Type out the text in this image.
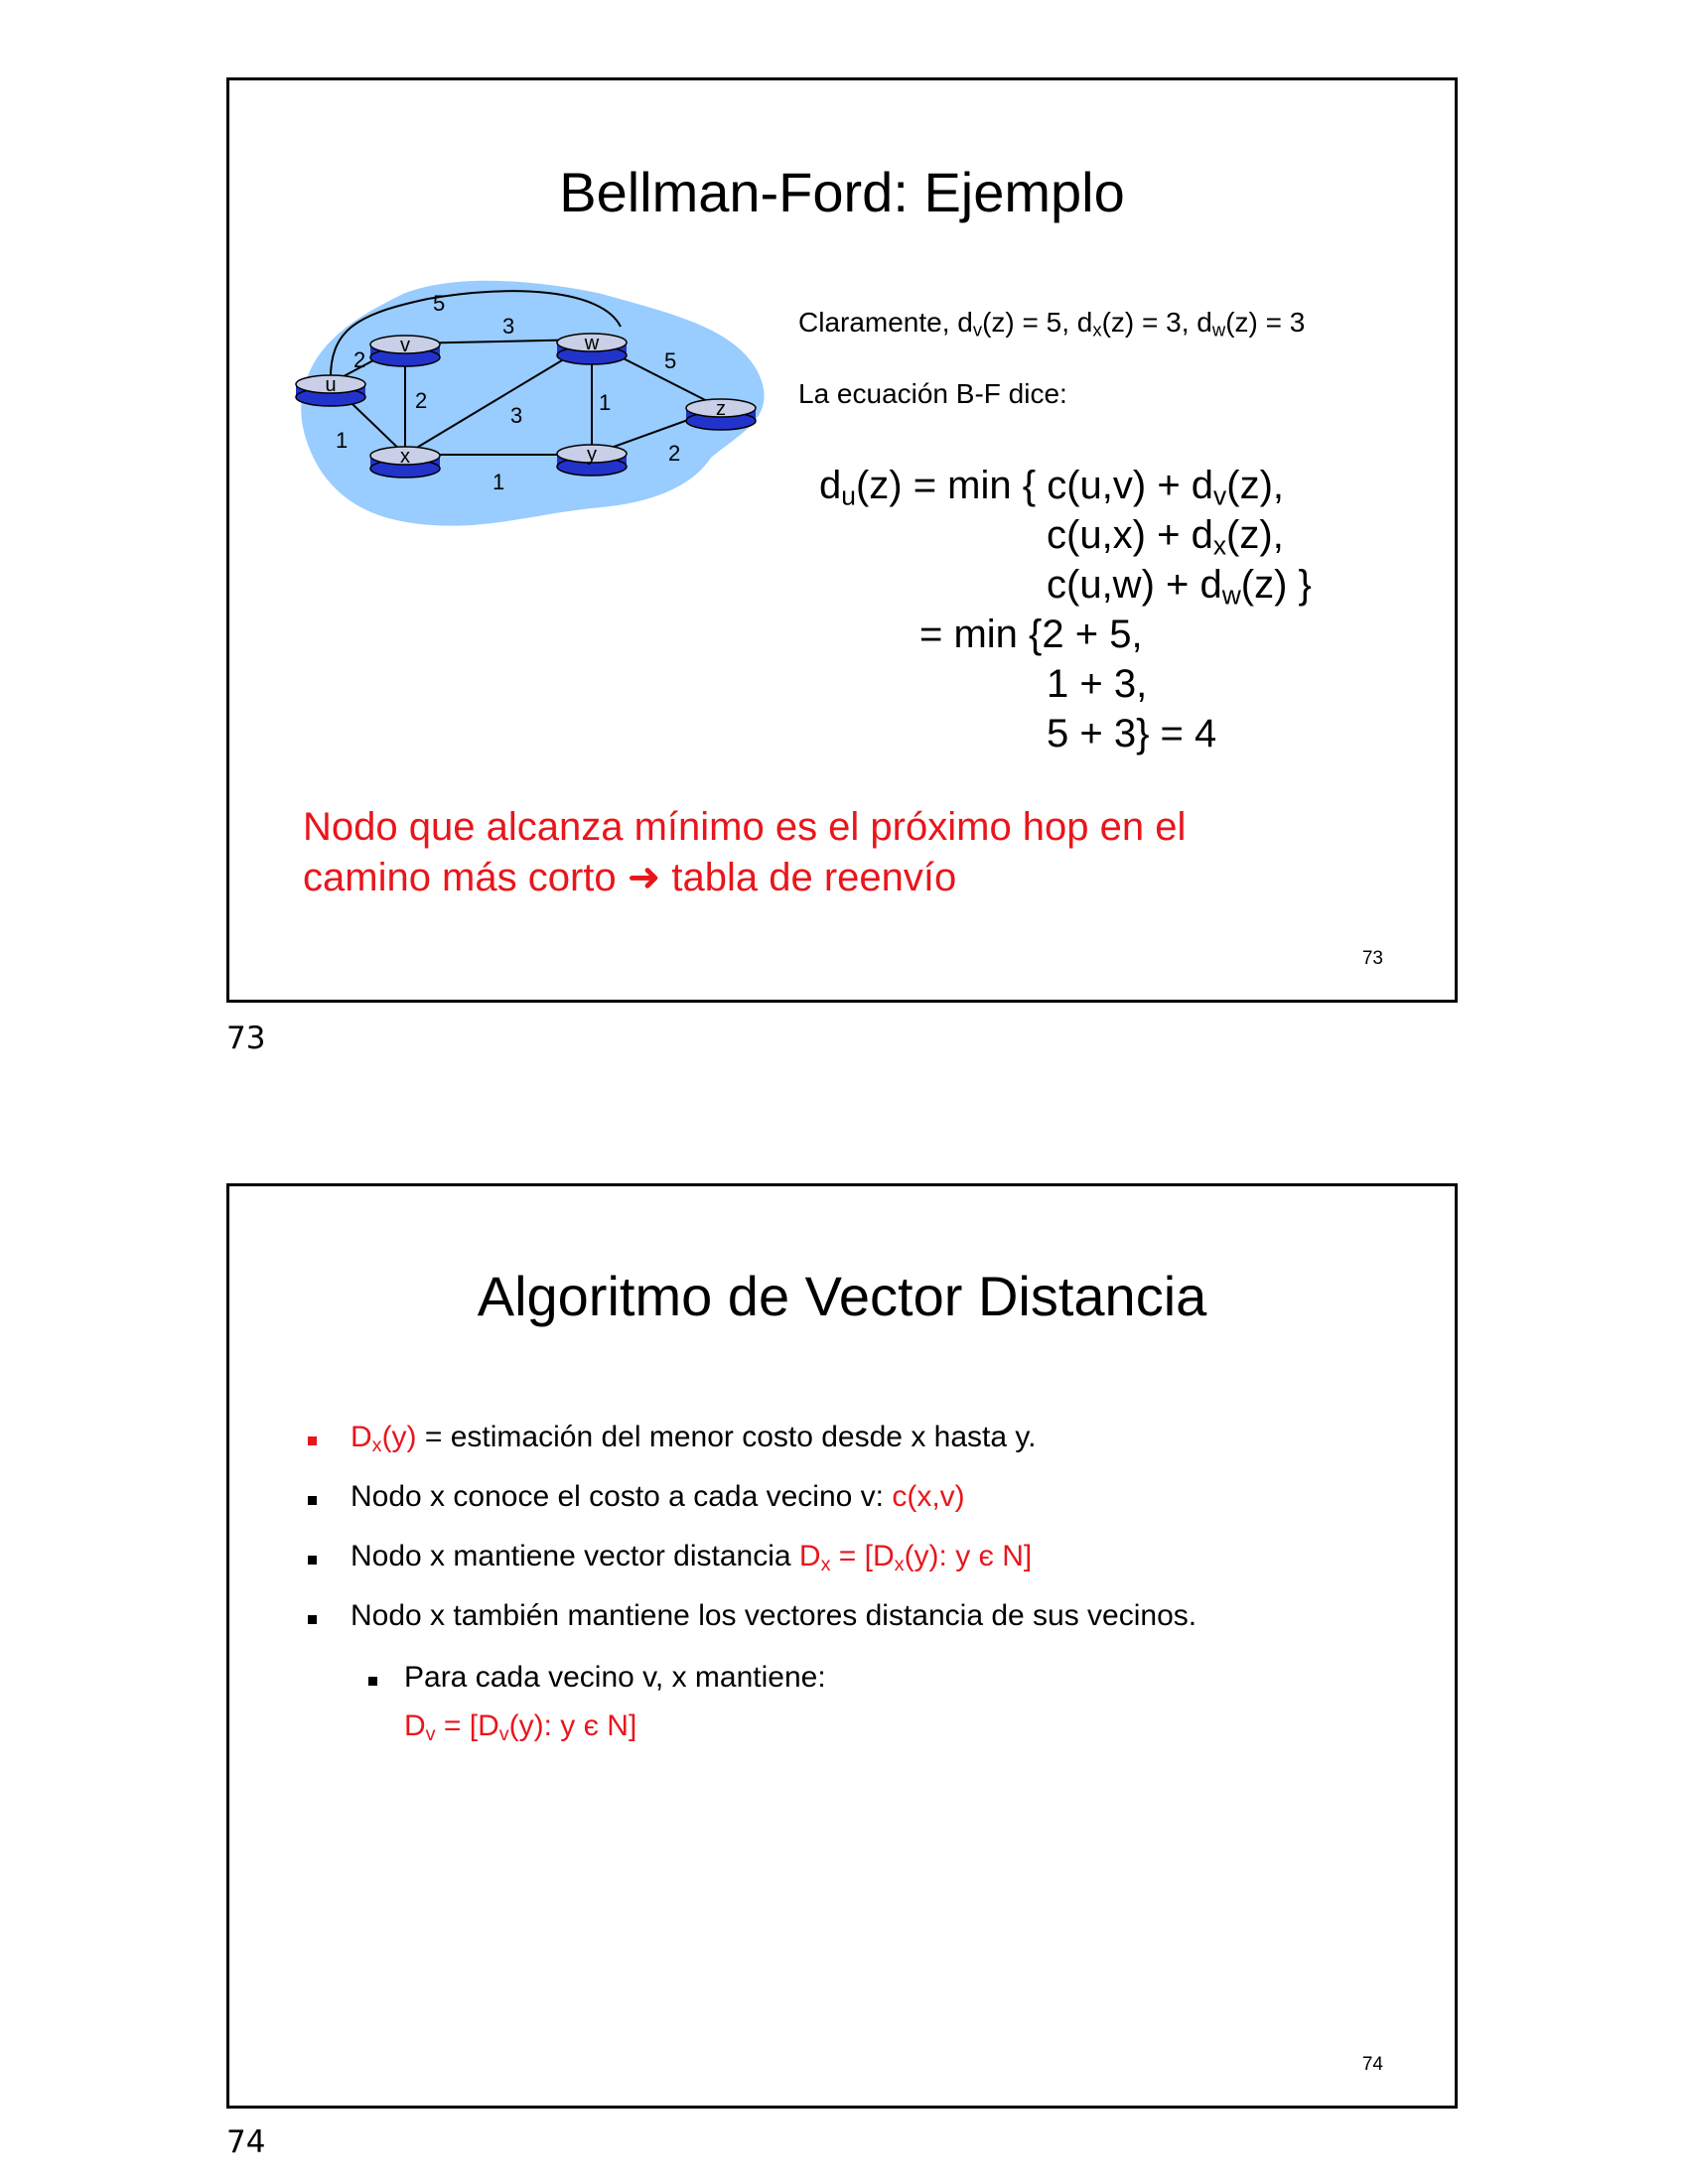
Bellman-Ford: Ejemplo
5
2
1
3
2
3
1
5
1
2
u
v	w
x	y
z
Claramente, $d_v(z) = 5$, $d_x(z) = 3$, $d_w(z) = 3$
La ecuación B-F dice:
$d_u(z) = \min$ { $c(u,v) + d_v(z)$,
$c(u,x) + d_x(z)$,
$c(u,w) + d_w(z)$ }
= min {2 + 5,
1 + 3,
5 + 3} = 4
Nodo que alcanza mínimo es el próximo hop en el
camino más corto ➜ tabla de reenvío
73
73
Algoritmo de Vector Distancia
$D_x(y)$ = estimación del menor costo desde x hasta y.
Nodo x conoce el costo a cada vecino v: c(x,v)
Nodo x mantiene vector distancia $D_x = [D_x(y)$: y є N]
Nodo x también mantiene los vectores distancia de sus vecinos.
Para cada vecino v, x mantiene:
$D_v = [D_v(y)$: y є N]
74
74
